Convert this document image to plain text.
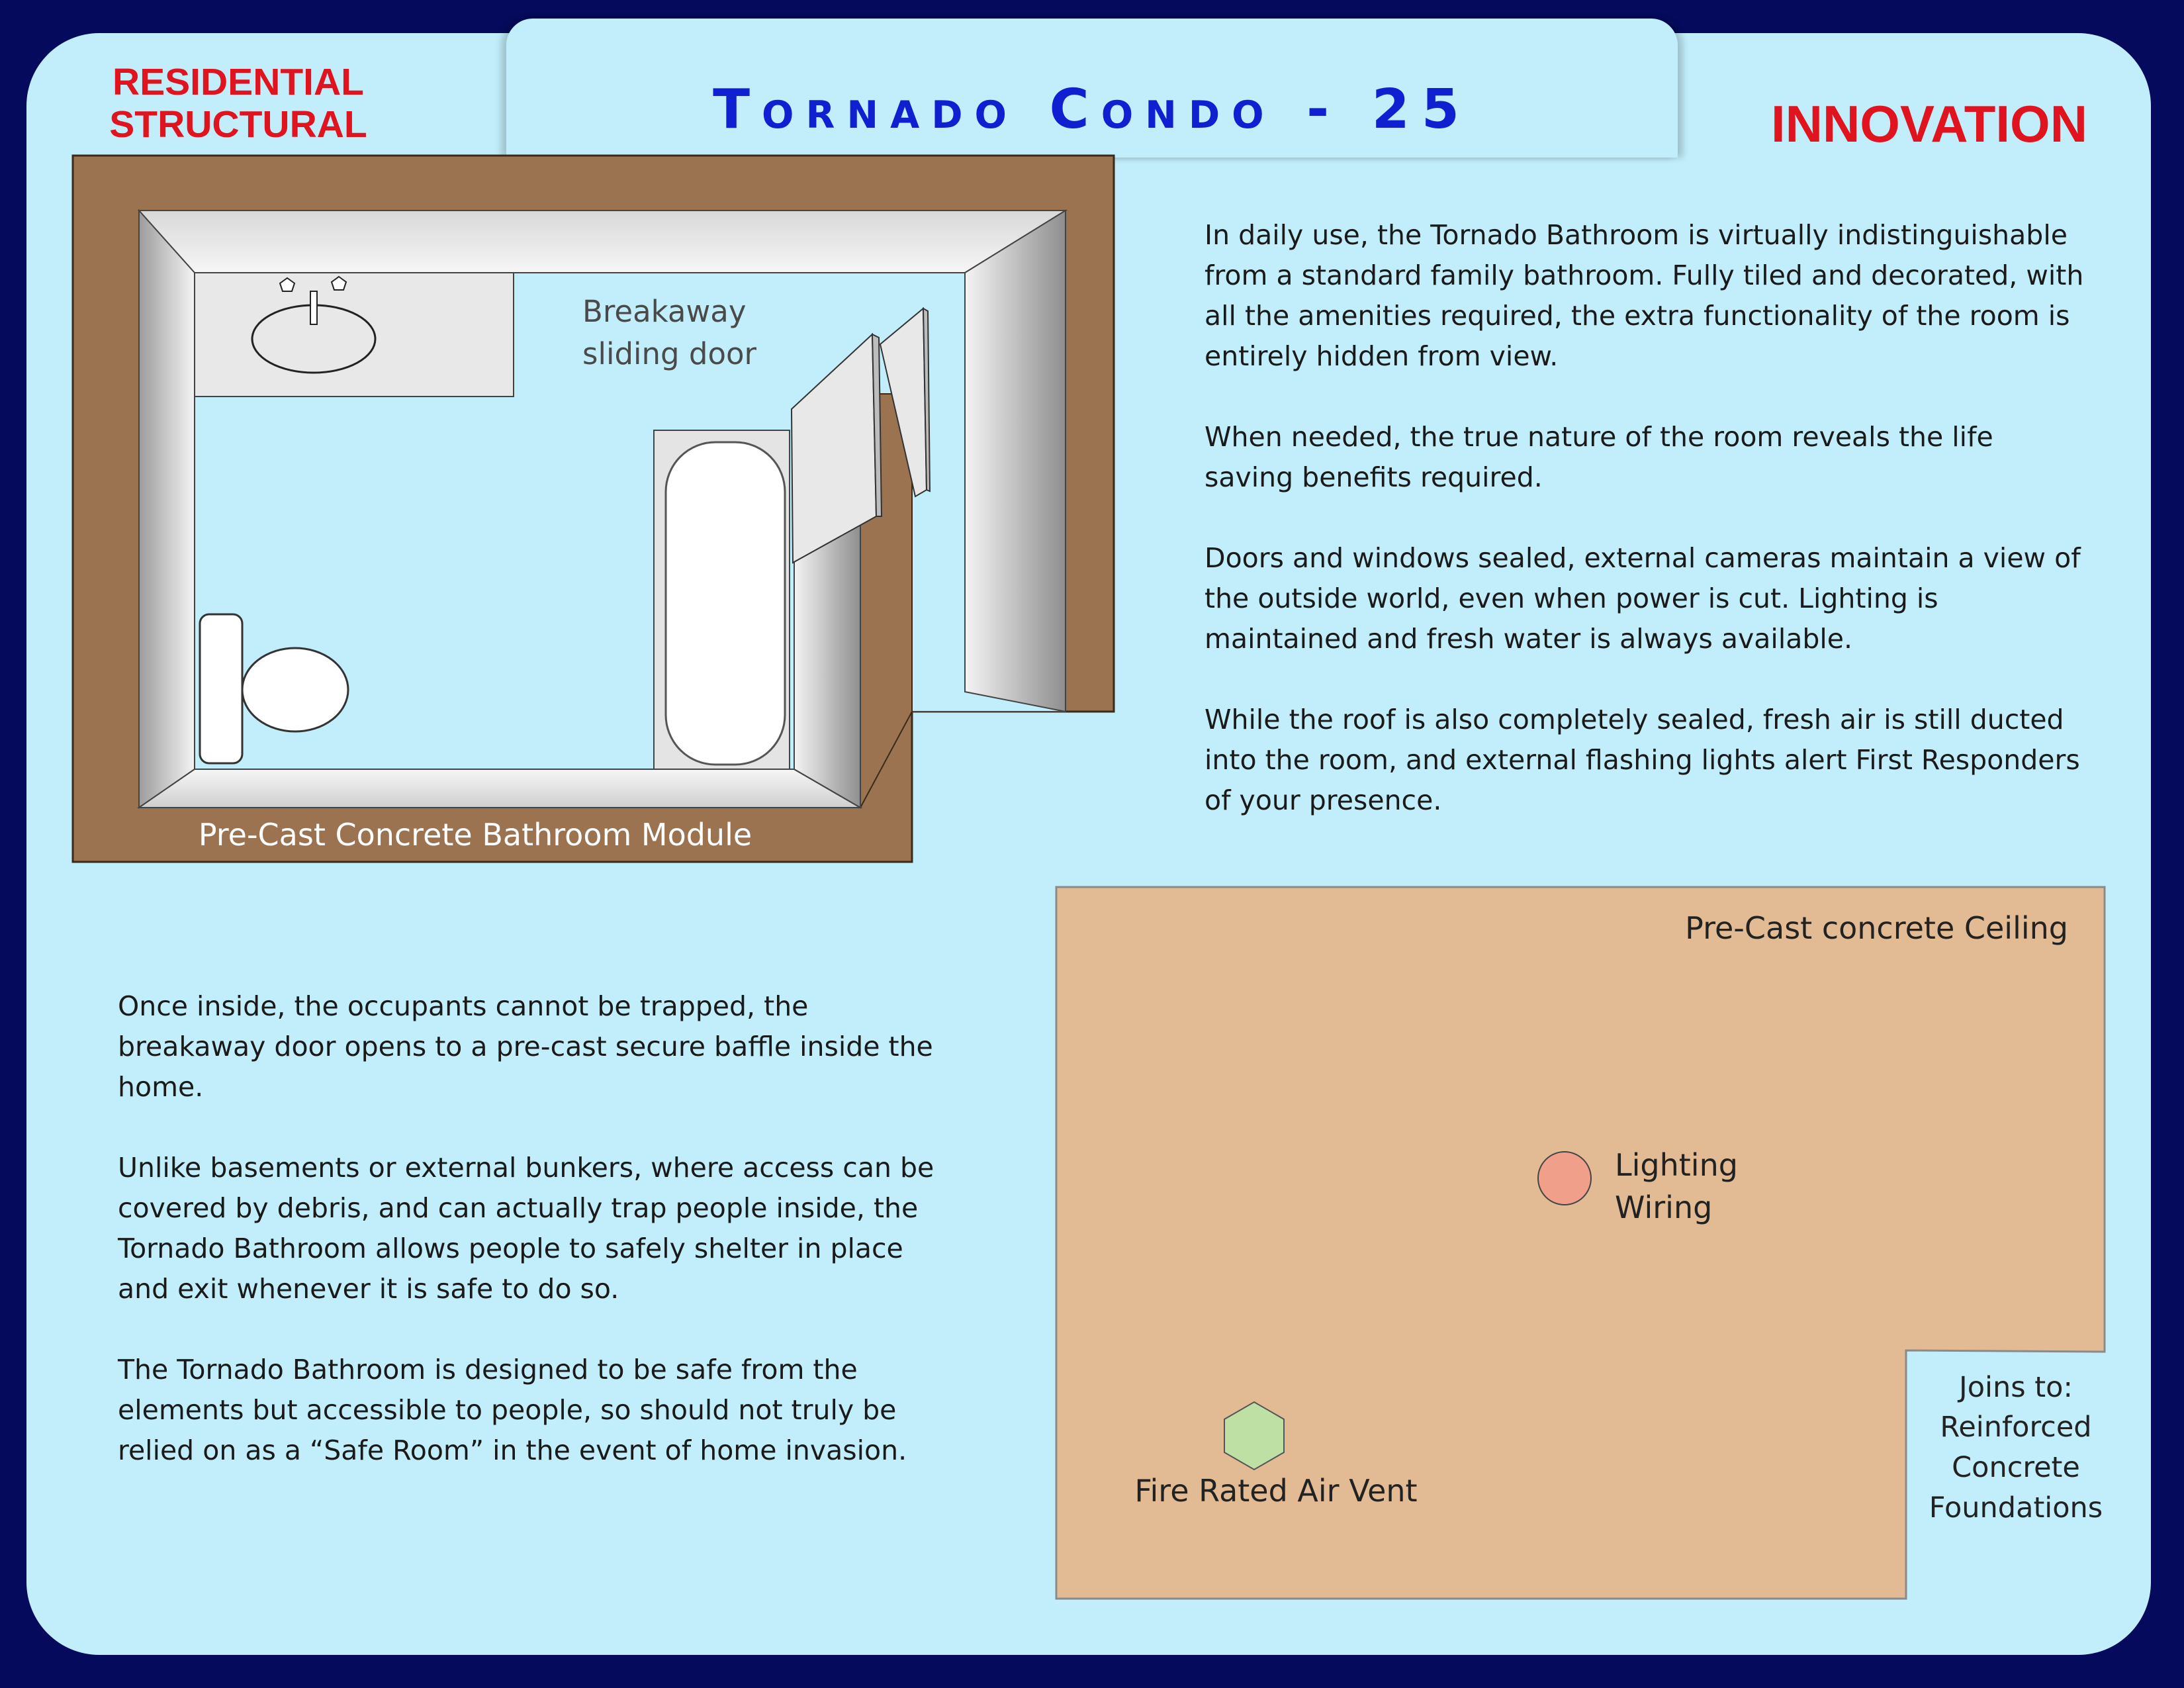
Tornado Condo - 25
RESIDENTIAL STRUCTURAL	INNOVATION
Breakaway
sliding door
Pre-Cast Concrete Bathroom Module
Pre-Cast concrete Ceiling
Lighting
Wiring
Fire Rated Air Vent
Joins to:
Reinforced
Concrete
Foundations

In daily use, the Tornado Bathroom is virtually indistinguishable from a standard family bathroom. Fully tiled and decorated, with all the amenities required, the extra functionality of the room is entirely hidden from view.

When needed, the true nature of the room reveals the life saving benefits required.

Doors and windows sealed, external cameras maintain a view of the outside world, even when power is cut. Lighting is maintained and fresh water is always available.

While the roof is also completely sealed, fresh air is still ducted into the room, and external flashing lights alert First Responders of your presence.

Once inside, the occupants cannot be trapped, the breakaway door opens to a pre-cast secure baffle inside the home.

Unlike basements or external bunkers, where access can be covered by debris, and can actually trap people inside, the Tornado Bathroom allows people to safely shelter in place and exit whenever it is safe to do so.

The Tornado Bathroom is designed to be safe from the elements but accessible to people, so should not truly be relied on as a “Safe Room” in the event of home invasion.
